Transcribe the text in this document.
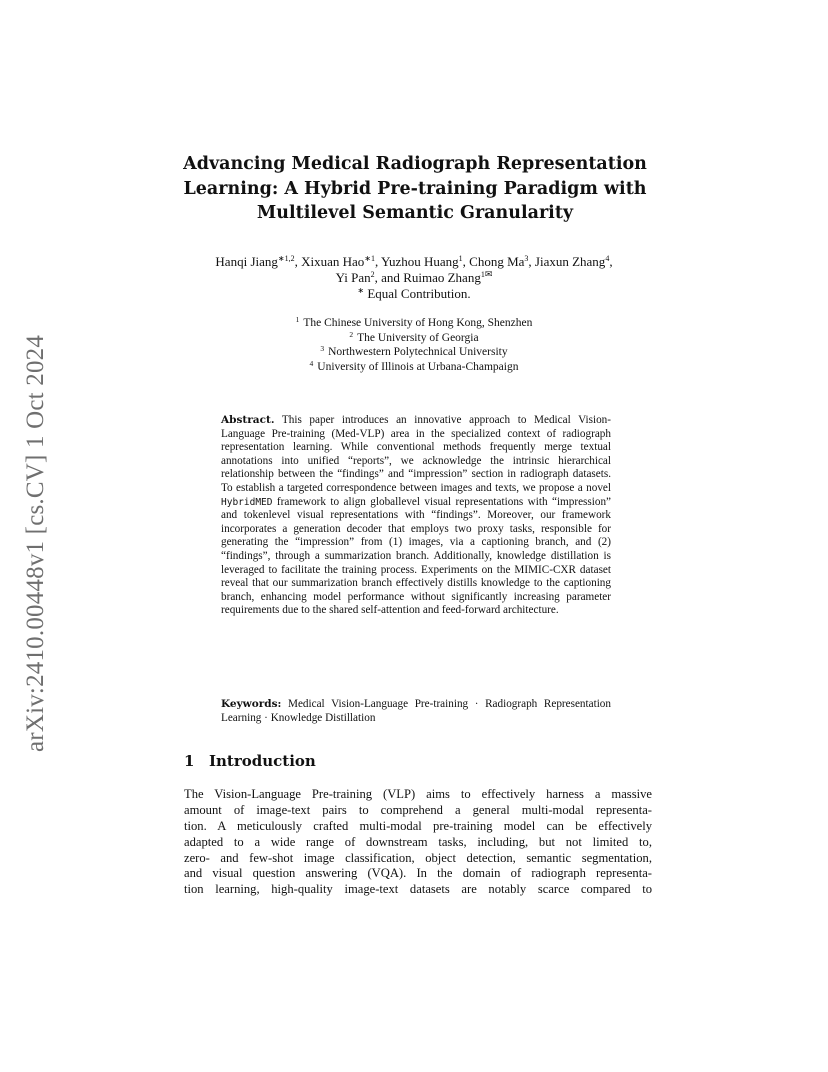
arXiv:2410.00448v1 [cs.CV] 1 Oct 2024
Advancing Medical Radiograph Representation
Learning: A Hybrid Pre-training Paradigm with
Multilevel Semantic Granularity
Hanqi Jiang$^{∗1,2}$, Xixuan Hao$^{∗1}$, Yuzhou Huang$^1$, Chong Ma$^3$, Jiaxun Zhang$^4$,
Yi Pan$^2$, and Ruimao Zhang$^{1✉}$
∗ Equal Contribution.
$^1$ The Chinese University of Hong Kong, Shenzhen
$^2$ The University of Georgia
$^3$ Northwestern Polytechnical University
$^4$ University of Illinois at Urbana-Champaign
Abstract. This paper introduces an innovative approach to Medical Vision-Language Pre-training (Med-VLP) area in the specialized context of radiograph representation learning. While conventional methods frequently merge textual annotations into unified “reports”, we acknowledge the intrinsic hierarchical relationship between the “findings” and “impression” section in radiograph datasets. To establish a targeted correspondence between images and texts, we propose a novel HybridMED framework to align globallevel visual representations with “impression” and tokenlevel visual representations with “findings”. Moreover, our framework incorporates a generation decoder that employs two proxy tasks, responsible for generating the “impression” from (1) images, via a captioning branch, and (2) “findings”, through a summarization branch. Additionally, knowledge distillation is leveraged to facilitate the training process. Experiments on the MIMIC-CXR dataset reveal that our summarization branch effectively distills knowledge to the captioning branch, enhancing model performance without significantly increasing parameter requirements due to the shared self-attention and feed-forward architecture.
Keywords: Medical Vision-Language Pre-training · Radiograph Representation Learning · Knowledge Distillation
1 Introduction
The Vision-Language Pre-training (VLP) aims to effectively harness a massive
amount of image-text pairs to comprehend a general multi-modal representa-
tion. A meticulously crafted multi-modal pre-training model can be effectively
adapted to a wide range of downstream tasks, including, but not limited to,
zero- and few-shot image classification, object detection, semantic segmentation,
and visual question answering (VQA). In the domain of radiograph representa-
tion learning, high-quality image-text datasets are notably scarce compared to
